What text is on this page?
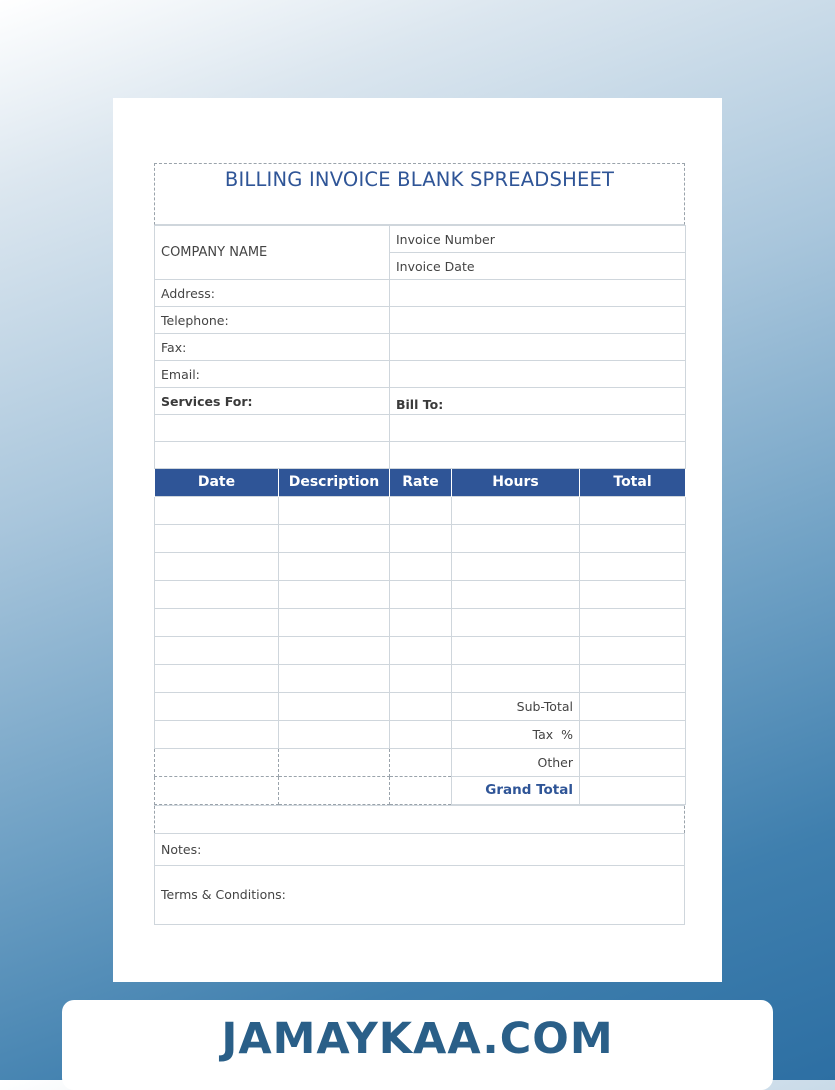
BILLING INVOICE BLANK SPREADSHEET
COMPANY NAME	Invoice Number
	Invoice Date
Address:	
Telephone:	
Fax:	
Email:	
Services For:	Bill To:

Date	Description	Rate	Hours	Total

			Sub-Total	
			Tax  %	
			Other	
			Grand Total	

Notes:
Terms & Conditions:
JAMAYKAA.COM
